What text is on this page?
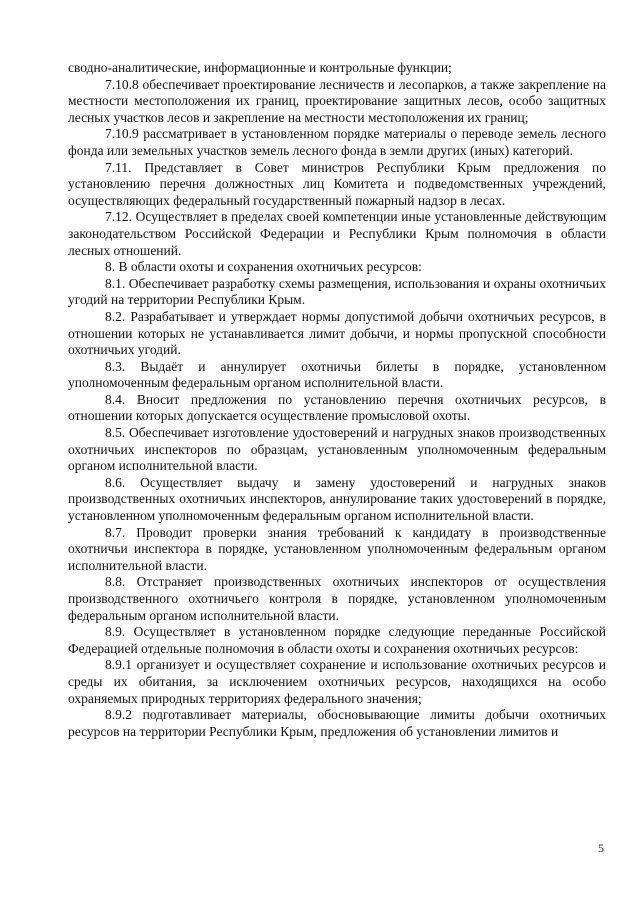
сводно-аналитические, информационные и контрольные функции;

7.10.8 обеспечивает проектирование лесничеств и лесопарков, а также закрепление на местности местоположения их границ, проектирование защитных лесов, особо защитных лесных участков лесов и закрепление на местности местоположения их границ;

7.10.9 рассматривает в установленном порядке материалы о переводе земель лесного фонда или земельных участков земель лесного фонда в земли других (иных) категорий.

7.11. Представляет в Совет министров Республики Крым предложения по установлению перечня должностных лиц Комитета и подведомственных учреждений, осуществляющих федеральный государственный пожарный надзор в лесах.

7.12. Осуществляет в пределах своей компетенции иные установленные действующим законодательством Российской Федерации и Республики Крым полномочия в области лесных отношений.

8. В области охоты и сохранения охотничьих ресурсов:

8.1. Обеспечивает разработку схемы размещения, использования и охраны охотничьих угодий на территории Республики Крым.

8.2. Разрабатывает и утверждает нормы допустимой добычи охотничьих ресурсов, в отношении которых не устанавливается лимит добычи, и нормы пропускной способности охотничьих угодий.

8.3. Выдаёт и аннулирует охотничьи билеты в порядке, установленном уполномоченным федеральным органом исполнительной власти.

8.4. Вносит предложения по установлению перечня охотничьих ресурсов, в отношении которых допускается осуществление промысловой охоты.

8.5. Обеспечивает изготовление удостоверений и нагрудных знаков производственных охотничьих инспекторов по образцам, установленным уполномоченным федеральным органом исполнительной власти.

8.6. Осуществляет выдачу и замену удостоверений и нагрудных знаков производственных охотничьих инспекторов, аннулирование таких удостоверений в порядке, установленном уполномоченным федеральным органом исполнительной власти.

8.7. Проводит проверки знания требований к кандидату в производственные охотничьи инспектора в порядке, установленном уполномоченным федеральным органом исполнительной власти.

8.8. Отстраняет производственных охотничьих инспекторов от осуществления производственного охотничьего контроля в порядке, установленном уполномоченным федеральным органом исполнительной власти.

8.9. Осуществляет в установленном порядке следующие переданные Российской Федерацией отдельные полномочия в области охоты и сохранения охотничьих ресурсов:

8.9.1 организует и осуществляет сохранение и использование охотничьих ресурсов и среды их обитания, за исключением охотничьих ресурсов, находящихся на особо охраняемых природных территориях федерального значения;

8.9.2 подготавливает материалы, обосновывающие лимиты добычи охотничьих ресурсов на территории Республики Крым, предложения об установлении лимитов и

5
